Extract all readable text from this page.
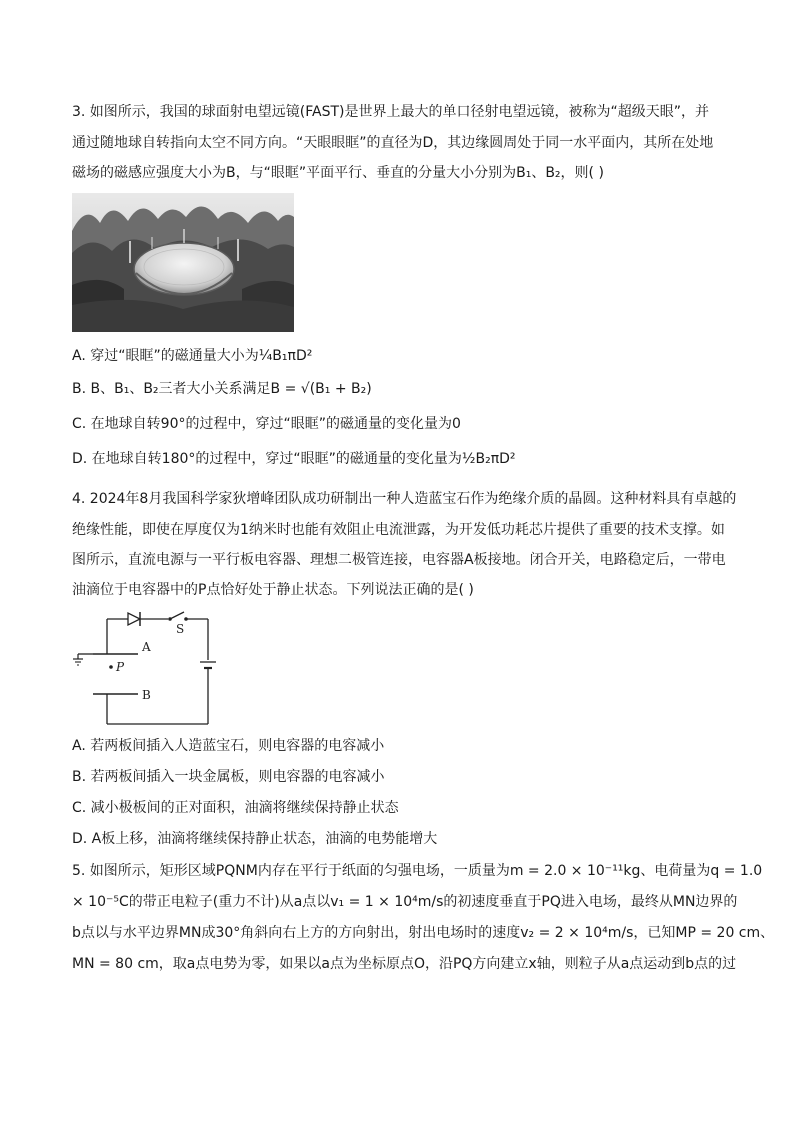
3. 如图所示，我国的球面射电望远镜(FAST)是世界上最大的单口径射电望远镜，被称为“超级天眼”，并
通过随地球自转指向太空不同方向。“天眼眼眶”的直径为D，其边缘圆周处于同一水平面内，其所在处地
磁场的磁感应强度大小为B，与“眼眶”平面平行、垂直的分量大小分别为B₁、B₂，则( )
A. 穿过“眼眶”的磁通量大小为¼B₁πD²
B. B、B₁、B₂三者大小关系满足B = √(B₁ + B₂)
C. 在地球自转90°的过程中，穿过“眼眶”的磁通量的变化量为0
D. 在地球自转180°的过程中，穿过“眼眶”的磁通量的变化量为½B₂πD²
4. 2024年8月我国科学家狄增峰团队成功研制出一种人造蓝宝石作为绝缘介质的晶圆。这种材料具有卓越的
绝缘性能，即使在厚度仅为1纳米时也能有效阻止电流泄露，为开发低功耗芯片提供了重要的技术支撑。如
图所示，直流电源与一平行板电容器、理想二极管连接，电容器A板接地。闭合开关，电路稳定后，一带电
油滴位于电容器中的P点恰好处于静止状态。下列说法正确的是( )
S
A
B
P
A. 若两板间插入人造蓝宝石，则电容器的电容减小
B. 若两板间插入一块金属板，则电容器的电容减小
C. 减小极板间的正对面积，油滴将继续保持静止状态
D. A板上移，油滴将继续保持静止状态，油滴的电势能增大
5. 如图所示，矩形区域PQNM内存在平行于纸面的匀强电场，一质量为m = 2.0 × 10⁻¹¹kg、电荷量为q = 1.0
× 10⁻⁵C的带正电粒子(重力不计)从a点以v₁ = 1 × 10⁴m/s的初速度垂直于PQ进入电场，最终从MN边界的
b点以与水平边界MN成30°角斜向右上方的方向射出，射出电场时的速度v₂ = 2 × 10⁴m/s，已知MP = 20 cm、
MN = 80 cm，取a点电势为零，如果以a点为坐标原点O，沿PQ方向建立x轴，则粒子从a点运动到b点的过
